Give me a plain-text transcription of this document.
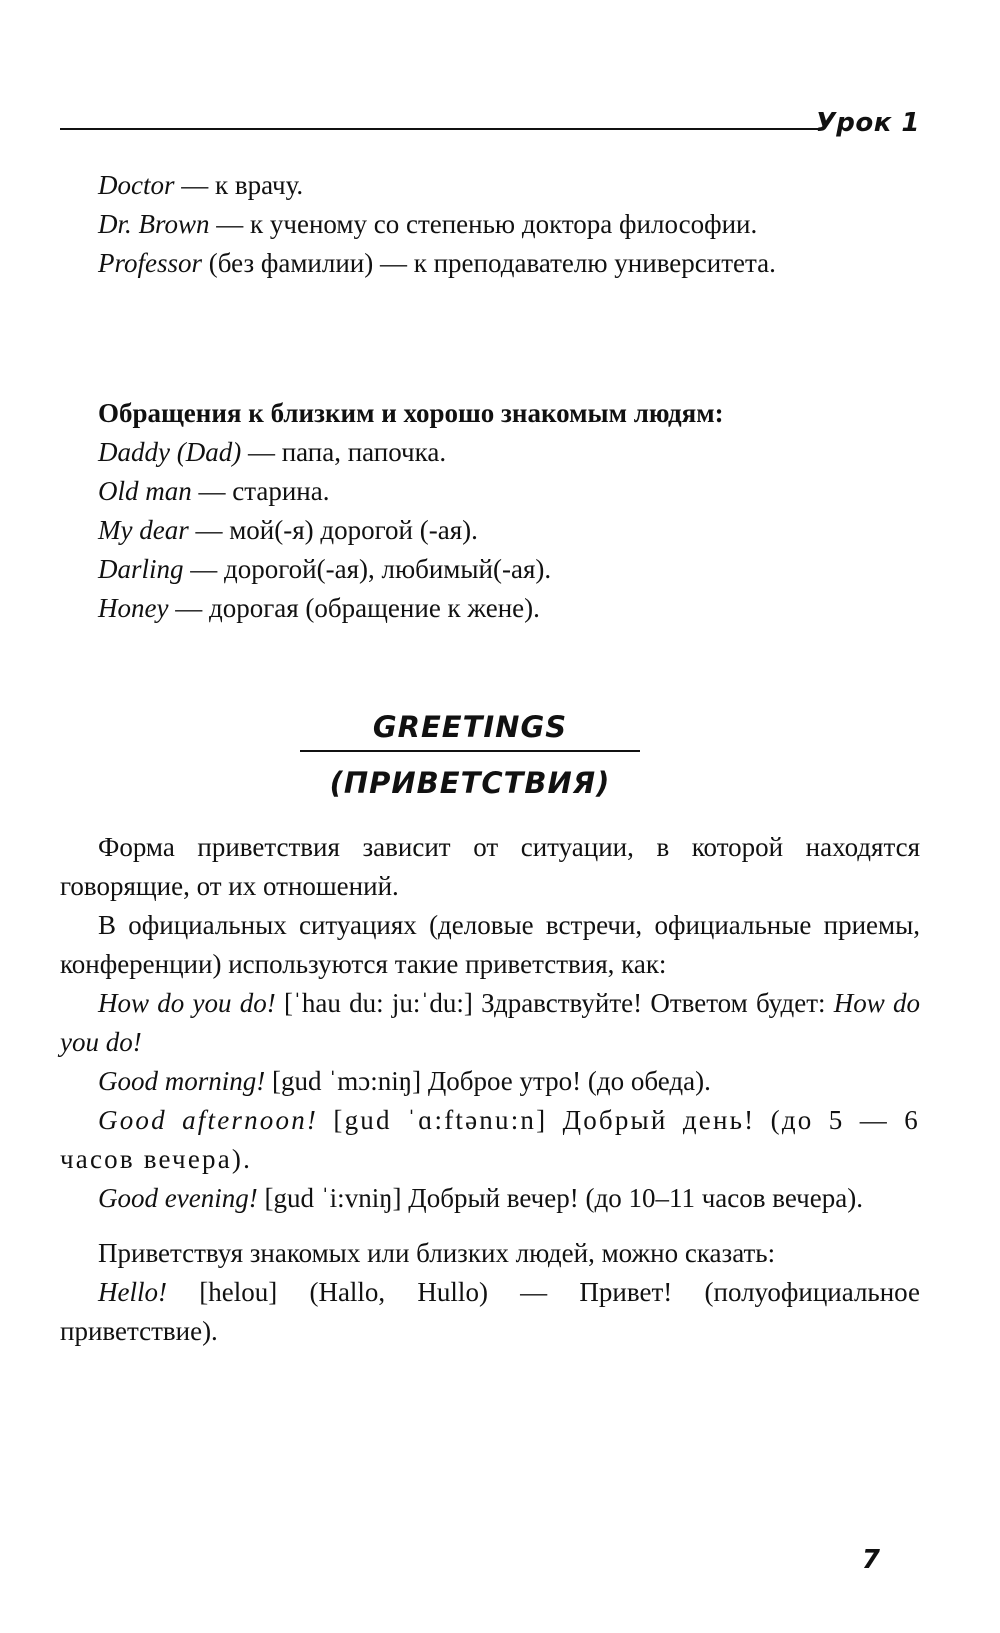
Урок 1

Doctor — к врачу.

Dr. Brown — к ученому со степенью доктора философии.

Professor (без фамилии) — к преподавателю университета.

Обращения к близким и хорошо знакомым людям:

Daddy (Dad) — папа, папочка.

Old man — старина.

My dear — мой(-я) дорогой (-ая).

Darling — дорогой(-ая), любимый(-ая).

Honey — дорогая (обращение к жене).

GREETINGS
(ПРИВЕТСТВИЯ)

Форма приветствия зависит от ситуации, в которой находятся говорящие, от их отношений.

В официальных ситуациях (деловые встречи, официальные приемы, конференции) используются такие приветствия, как:

How do you do! [ˈhau du: ju:ˈdu:] Здравствуйте! Ответом будет: How do you do!

Good morning! [gud ˈmɔ:niŋ] Доброе утро! (до обеда).

Good afternoon! [gud ˈɑ:ftənu:n] Добрый день! (до 5 — 6 часов вечера).

Good evening! [gud ˈi:vniŋ] Добрый вечер! (до 10–11 часов вечера).

Приветствуя знакомых или близких людей, можно сказать:

Hello! [helou] (Hallo, Hullo) — Привет! (полуофициальное приветствие).

7
